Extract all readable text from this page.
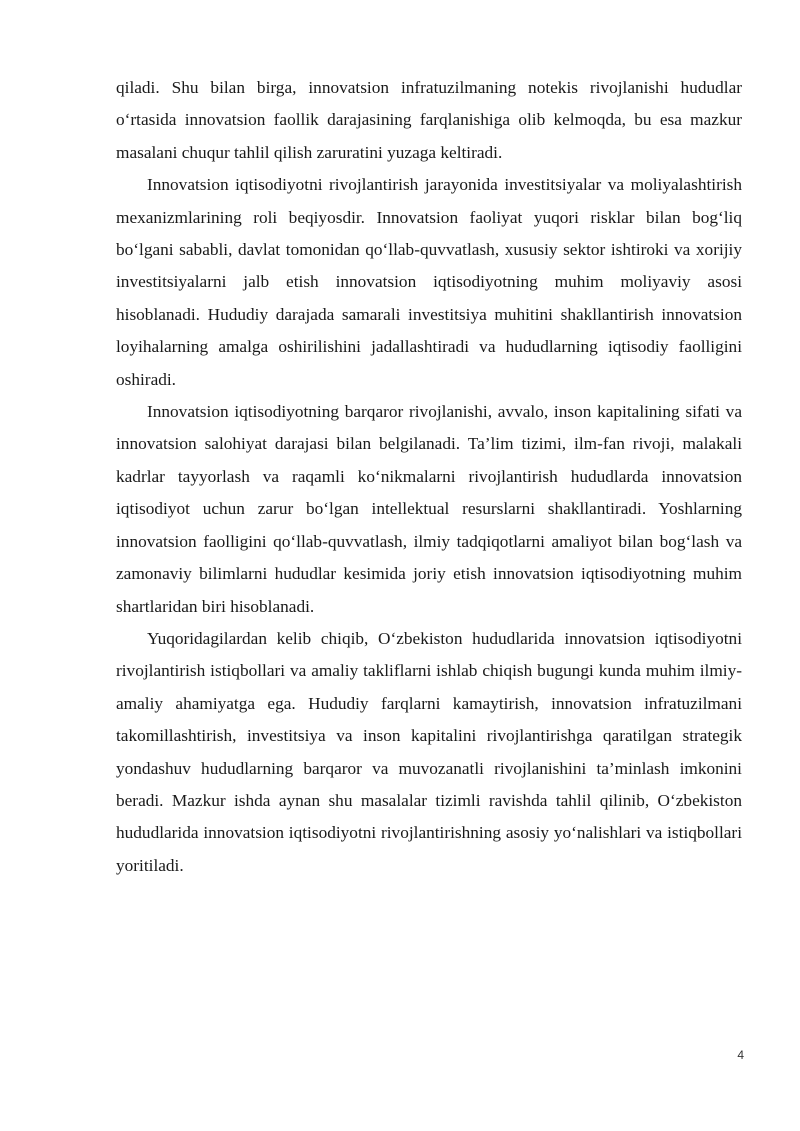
qiladi. Shu bilan birga, innovatsion infratuzilmaning notekis rivojlanishi hududlar o‘rtasida innovatsion faollik darajasining farqlanishiga olib kelmoqda, bu esa mazkur masalani chuqur tahlil qilish zaruratini yuzaga keltiradi.

Innovatsion iqtisodiyotni rivojlantirish jarayonida investitsiyalar va moliyalashtirish mexanizmlarining roli beqiyosdir. Innovatsion faoliyat yuqori risklar bilan bog‘liq bo‘lgani sababli, davlat tomonidan qo‘llab-quvvatlash, xususiy sektor ishtiroki va xorijiy investitsiyalarni jalb etish innovatsion iqtisodiyotning muhim moliyaviy asosi hisoblanadi. Hududiy darajada samarali investitsiya muhitini shakllantirish innovatsion loyihalarning amalga oshirilishini jadallashtiradi va hududlarning iqtisodiy faolligini oshiradi.

Innovatsion iqtisodiyotning barqaror rivojlanishi, avvalo, inson kapitalining sifati va innovatsion salohiyat darajasi bilan belgilanadi. Ta’lim tizimi, ilm-fan rivoji, malakali kadrlar tayyorlash va raqamli ko‘nikmalarni rivojlantirish hududlarda innovatsion iqtisodiyot uchun zarur bo‘lgan intellektual resurslarni shakllantiradi. Yoshlarning innovatsion faolligini qo‘llab-quvvatlash, ilmiy tadqiqotlarni amaliyot bilan bog‘lash va zamonaviy bilimlarni hududlar kesimida joriy etish innovatsion iqtisodiyotning muhim shartlaridan biri hisoblanadi.

Yuqoridagilardan kelib chiqib, O‘zbekiston hududlarida innovatsion iqtisodiyotni rivojlantirish istiqbollari va amaliy takliflarni ishlab chiqish bugungi kunda muhim ilmiy-amaliy ahamiyatga ega. Hududiy farqlarni kamaytirish, innovatsion infratuzilmani takomillashtirish, investitsiya va inson kapitalini rivojlantirishga qaratilgan strategik yondashuv hududlarning barqaror va muvozanatli rivojlanishini ta’minlash imkonini beradi. Mazkur ishda aynan shu masalalar tizimli ravishda tahlil qilinib, O‘zbekiston hududlarida innovatsion iqtisodiyotni rivojlantirishning asosiy yo‘nalishlari va istiqbollari yoritiladi.

4
